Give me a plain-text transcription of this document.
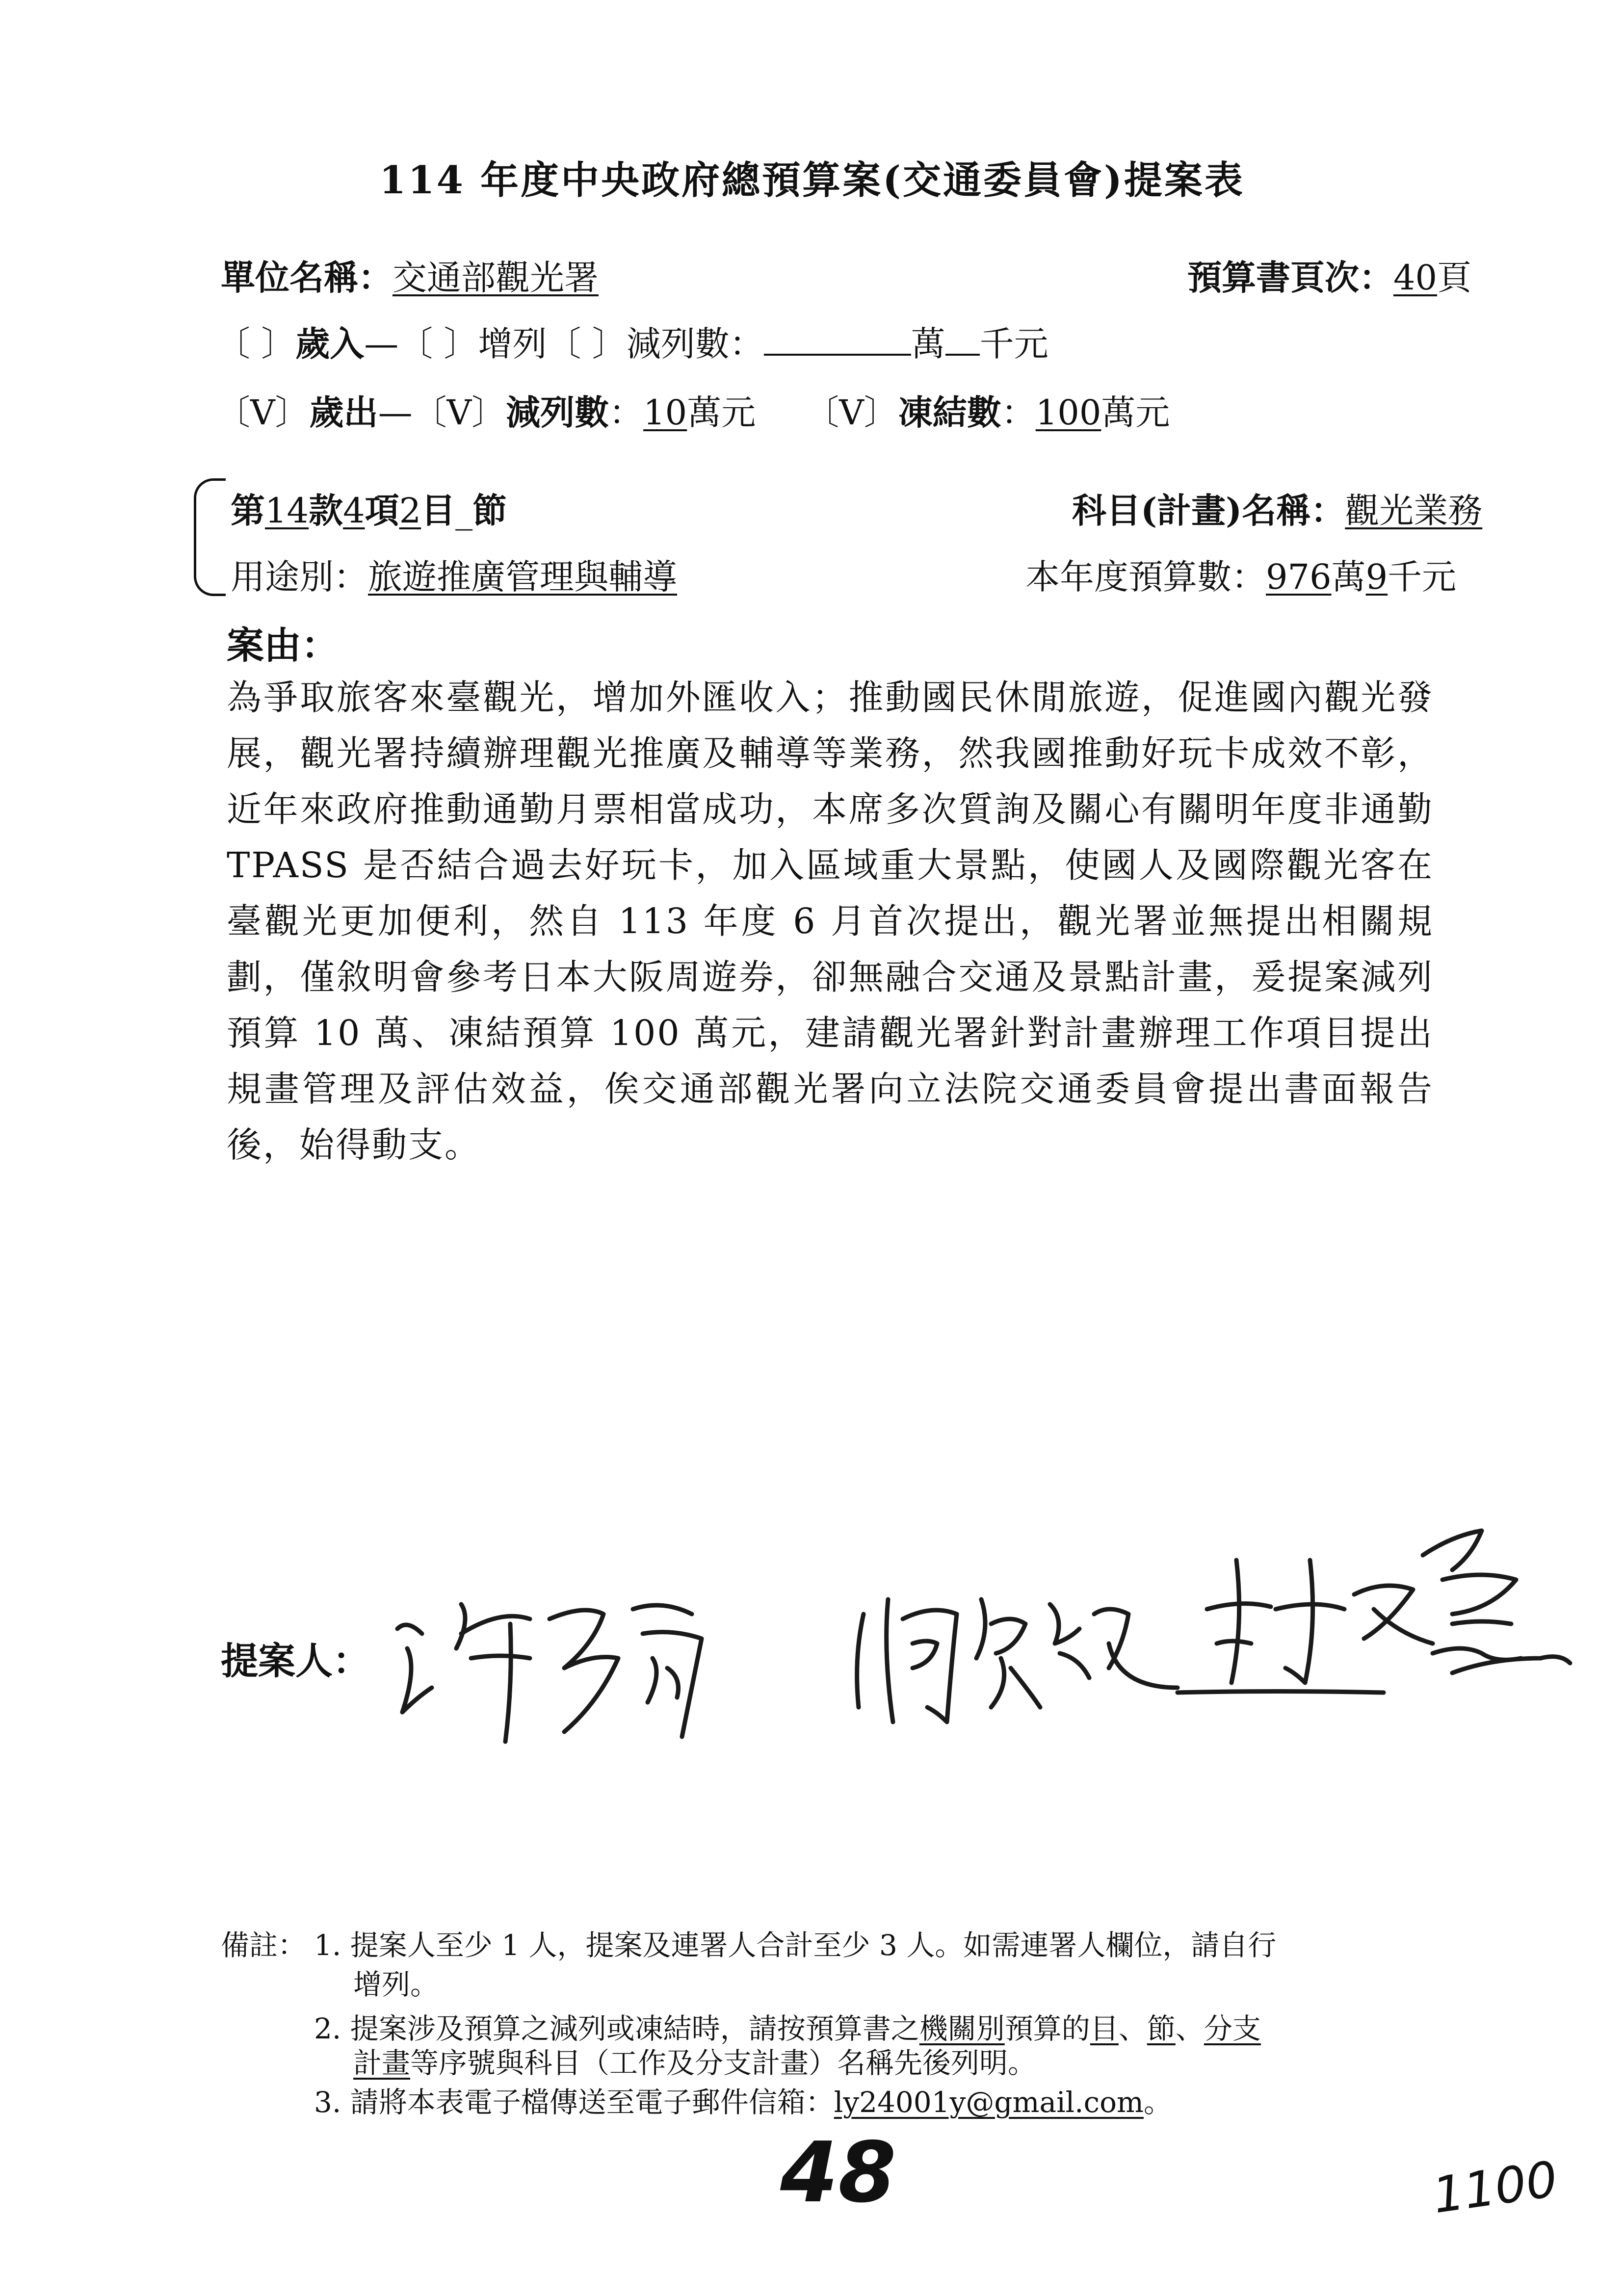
114 年度中央政府總預算案(交通委員會)提案表
單位名稱：交通部觀光署	預算書頁次：40頁
〔 〕歲入—〔 〕增列〔 〕減列數：	萬 千元
〔V〕歲出—〔V〕減列數：10萬元 〔V〕凍結數：100萬元
第14款4項2目_節	科目(計畫)名稱：觀光業務
用途別：旅遊推廣管理與輔導	本年度預算數：976萬9千元
案由：
為爭取旅客來臺觀光，增加外匯收入；推動國民休閒旅遊，促進國內觀光發展，觀光署持續辦理觀光推廣及輔導等業務，然我國推動好玩卡成效不彰，近年來政府推動通勤月票相當成功，本席多次質詢及關心有關明年度非通勤 TPASS 是否結合過去好玩卡，加入區域重大景點，使國人及國際觀光客在臺觀光更加便利，然自 113 年度 6 月首次提出，觀光署並無提出相關規劃，僅敘明會參考日本大阪周遊券，卻無融合交通及景點計畫，爰提案減列預算 10 萬、凍結預算 100 萬元，建請觀光署針對計畫辦理工作項目提出規畫管理及評估效益，俟交通部觀光署向立法院交通委員會提出書面報告後，始得動支。
提案人：
備註： 1. 提案人至少 1 人，提案及連署人合計至少 3 人。如需連署人欄位，請自行
增列。
2. 提案涉及預算之減列或凍結時，請按預算書之機關別預算的目、節、分支
計畫等序號與科目（工作及分支計畫）名稱先後列明。
3. 請將本表電子檔傳送至電子郵件信箱：ly24001y@gmail.com。
48	1100
